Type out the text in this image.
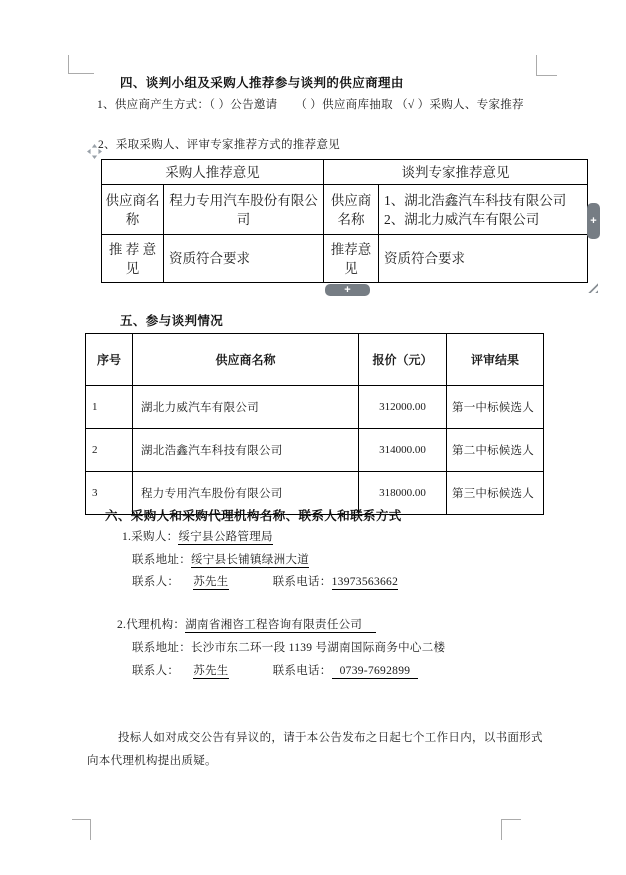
四、谈判小组及采购人推荐参与谈判的供应商理由
1、供应商产生方式：（ ）公告邀请　　（ ）供应商库抽取 （√ ）采购人、专家推荐
2、采取采购人、评审专家推荐方式的推荐意见
采购人推荐意见		谈判专家推荐意见	
供应商名称	程力专用汽车股份有限公司	供应商名称	1、湖北浩鑫汽车科技有限公司
2、湖北力威汽车有限公司

推 荐 意 见	资质符合要求	推荐意见	资质符合要求
+
+
五、参与谈判情况
序号	供应商名称	报价（元）	评审结果
1	湖北力威汽车有限公司	312000.00	第一中标候选人
2	湖北浩鑫汽车科技有限公司	314000.00	第二中标候选人
3	程力专用汽车股份有限公司	318000.00	第三中标候选人
六、采购人和采购代理机构名称、联系人和联系方式
1.采购人：绥宁县公路管理局
联系地址：绥宁县长铺镇绿洲大道
联系人： 苏先生	联系电话：13973563662
2.代理机构：湖南省湘咨工程咨询有限责任公司
联系地址：长沙市东二环一段 1139 号湖南国际商务中心二楼
联系人： 苏先生	联系电话： 0739-7692899
投标人如对成交公告有异议的，请于本公告发布之日起七个工作日内，以书面形式向本代理机构提出质疑。
